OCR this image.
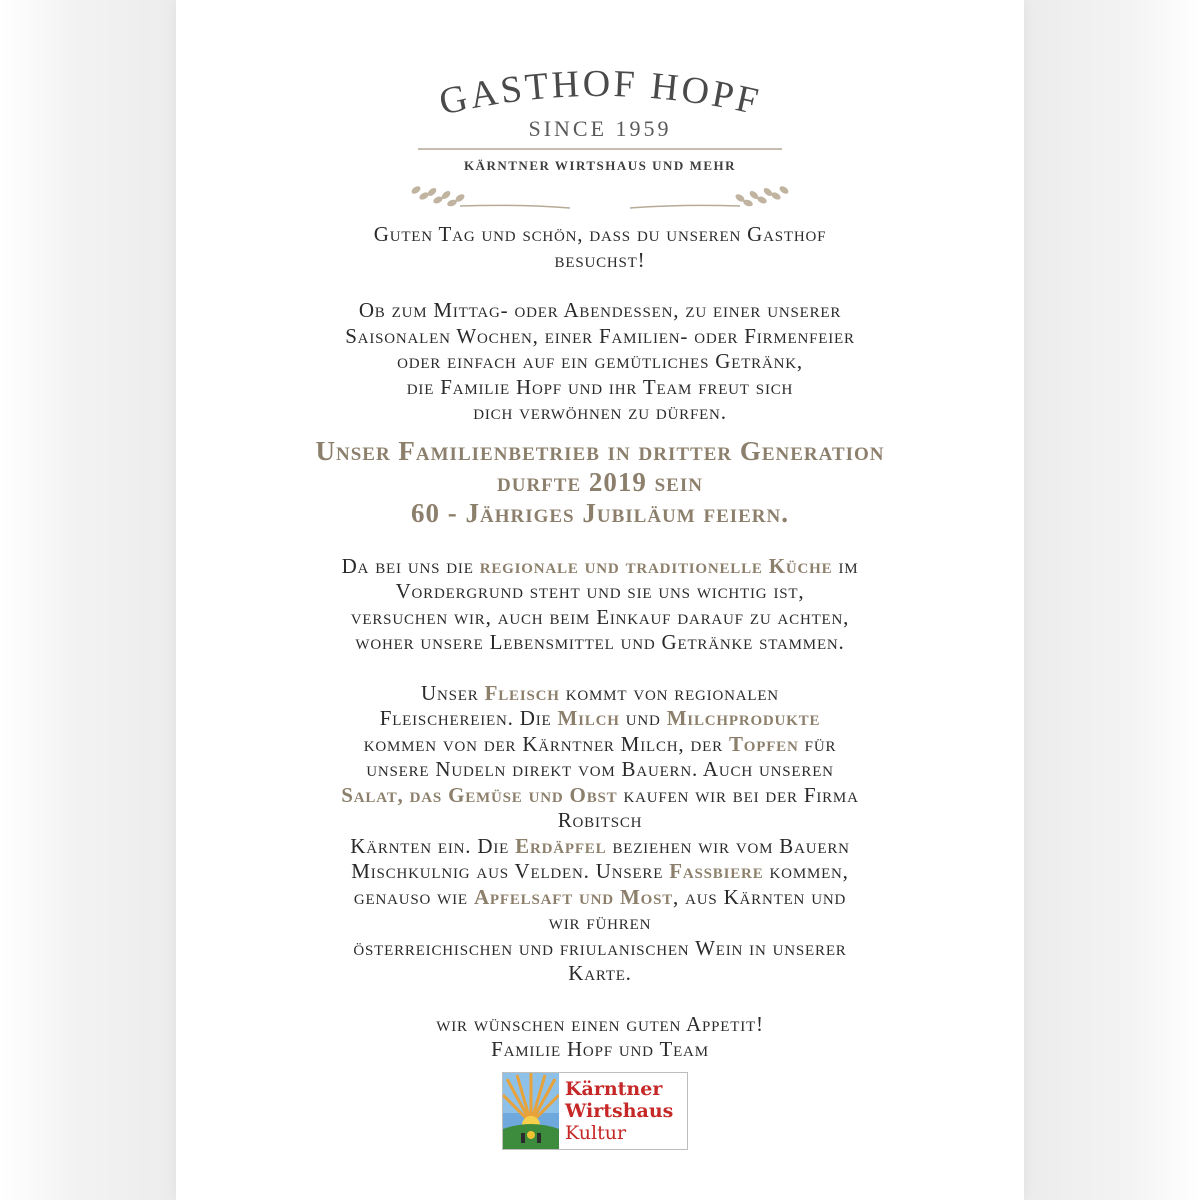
GASTHOF HOPF
SINCE 1959
KÄRNTNER WIRTSHAUS UND MEHR

Guten Tag und schön, dass du unseren Gasthof

besuchst!

Ob zum Mittag- oder Abendessen, zu einer unserer

Saisonalen Wochen, einer Familien- oder Firmenfeier

oder einfach auf ein gemütliches Getränk,

die Familie Hopf und ihr Team freut sich

dich verwöhnen zu dürfen.

Unser Familienbetrieb in dritter Generation

durfte 2019 sein

60 - Jähriges Jubiläum feiern.

Da bei uns die regionale und traditionelle Küche im

Vordergrund steht und sie uns wichtig ist,

versuchen wir, auch beim Einkauf darauf zu achten,

woher unsere Lebensmittel und Getränke stammen.

Unser Fleisch kommt von regionalen

Fleischereien. Die Milch und Milchprodukte

kommen von der Kärntner Milch, der Topfen für

unsere Nudeln direkt vom Bauern. Auch unseren

Salat, das Gemüse und Obst kaufen wir bei der Firma

Robitsch

Kärnten ein. Die Erdäpfel beziehen wir vom Bauern

Mischkulnig aus Velden. Unsere Fassbiere kommen,

genauso wie Apfelsaft und Most, aus Kärnten und

wir führen

österreichischen und friulanischen Wein in unserer

Karte.

wir wünschen einen guten Appetit!

Familie Hopf und Team

Kärntner
Wirtshaus
Kultur
